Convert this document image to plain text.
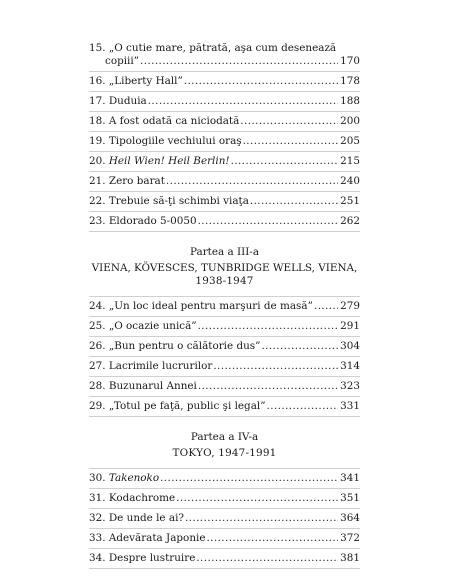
15.
„O cutie mare, pătrată, aşa cum desenează
copiii” .....	170
16.
„Liberty Hall” .....	178
17.
Duduia .....	188
18.
A fost odată ca niciodată .....	200
19.
Tipologiile vechiului oraş .....	205
20.
Heil Wien! Heil Berlin! .....	215
21.
Zero barat .....	240
22.
Trebuie să-ţi schimbi viaţa .....	251
23.
Eldorado 5-0050 .....	262
Partea a III-a
VIENA, KÖVESCES, TUNBRIDGE WELLS, VIENA,
1938-1947
24.
„Un loc ideal pentru marşuri de masă” .....	279
25.
„O ocazie unică” .....	291
26.
„Bun pentru o călătorie dus” .....	304
27.
Lacrimile lucrurilor .....	314
28.
Buzunarul Annei .....	323
29.
„Totul pe faţă, public şi legal” .....	331
Partea a IV-a
TOKYO, 1947-1991
30.
Takenoko .....	341
31.
Kodachrome .....	351
32.
De unde le ai? .....	364
33.
Adevărata Japonie .....	372
34.
Despre lustruire .....	381
